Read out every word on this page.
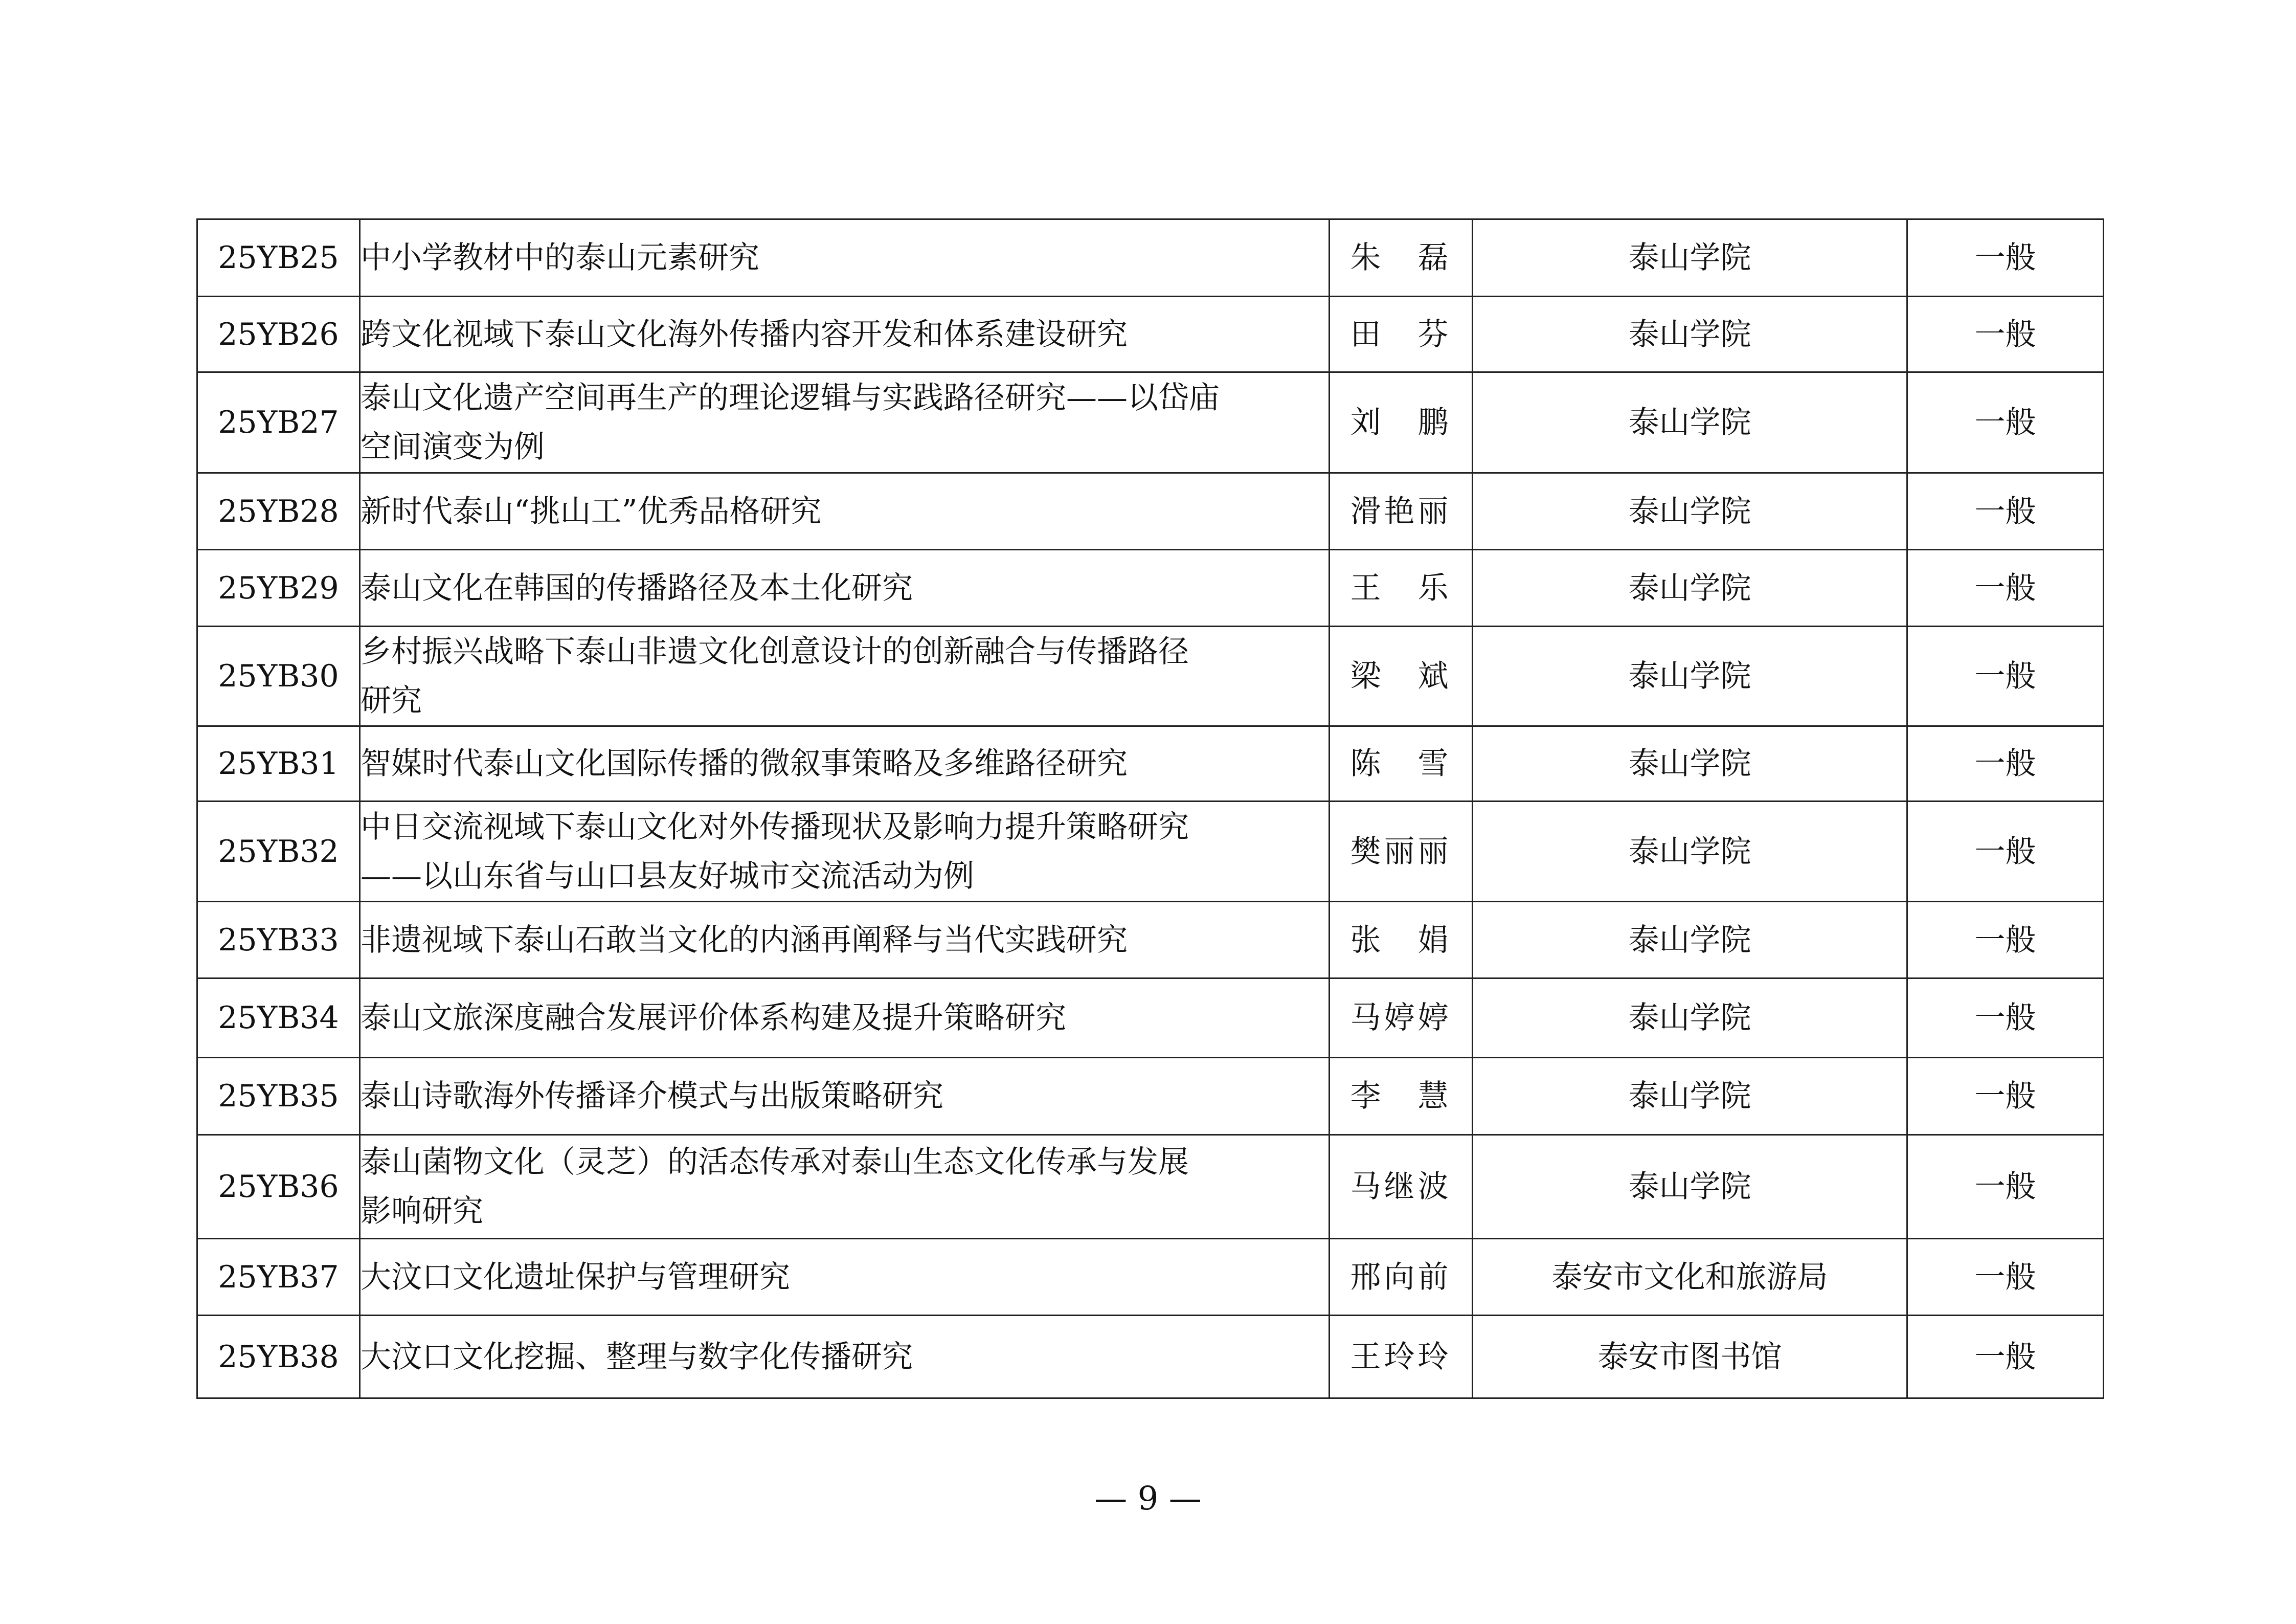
25YB25	中小学教材中的泰山元素研究	朱　磊	泰山学院	一般
25YB26	跨文化视域下泰山文化海外传播内容开发和体系建设研究	田　芬	泰山学院	一般
25YB27	泰山文化遗产空间再生产的理论逻辑与实践路径研究——以岱庙
空间演变为例	刘　鹏	泰山学院	一般
25YB28	新时代泰山“挑山工”优秀品格研究	滑艳丽	泰山学院	一般
25YB29	泰山文化在韩国的传播路径及本土化研究	王　乐	泰山学院	一般
25YB30	乡村振兴战略下泰山非遗文化创意设计的创新融合与传播路径
研究	梁　斌	泰山学院	一般
25YB31	智媒时代泰山文化国际传播的微叙事策略及多维路径研究	陈　雪	泰山学院	一般
25YB32	中日交流视域下泰山文化对外传播现状及影响力提升策略研究
——以山东省与山口县友好城市交流活动为例	樊丽丽	泰山学院	一般
25YB33	非遗视域下泰山石敢当文化的内涵再阐释与当代实践研究	张　娟	泰山学院	一般
25YB34	泰山文旅深度融合发展评价体系构建及提升策略研究	马婷婷	泰山学院	一般
25YB35	泰山诗歌海外传播译介模式与出版策略研究	李　慧	泰山学院	一般
25YB36	泰山菌物文化（灵芝）的活态传承对泰山生态文化传承与发展
影响研究	马继波	泰山学院	一般
25YB37	大汶口文化遗址保护与管理研究	邢向前	泰安市文化和旅游局	一般
25YB38	大汶口文化挖掘、整理与数字化传播研究	王玲玲	泰安市图书馆	一般
— 9 —
